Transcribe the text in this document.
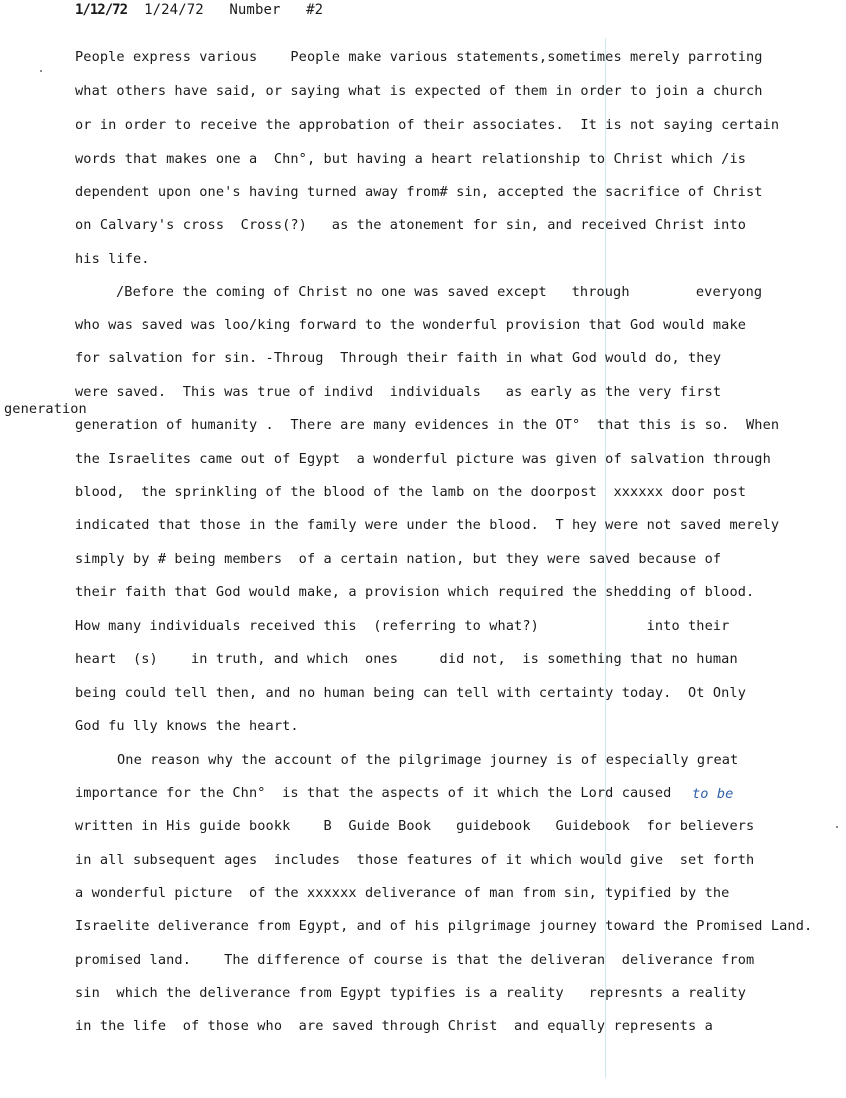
1/12/72 1/24/72 Number #2
generation
to be
People express various    People make various statements,sometimes merely parroting
what others have said, or saying what is expected of them in order to join a church
or in order to receive the approbation of their associates.  It is not saying certain
words that makes one a  Chn°, but having a heart relationship to Christ which /is
dependent upon one's having turned away from# sin, accepted the sacrifice of Christ
on Calvary's cross  Cross(?)   as the atonement for sin, and received Christ into
his life.
/Before the coming of Christ no one was saved except   through        everyong
who was saved was loo/king forward to the wonderful provision that God would make
for salvation for sin. -Throug  Through their faith in what God would do, they
were saved.  This was true of indivd  individuals   as early as the very first
generation of humanity .  There are many evidences in the OT°  that this is so.  When
the Israelites came out of Egypt  a wonderful picture was given of salvation through
blood,  the sprinkling of the blood of the lamb on the doorpost  xxxxxx door post
indicated that those in the family were under the blood.  T hey were not saved merely
simply by # being members  of a certain nation, but they were saved because of
their faith that God would make, a provision which required the shedding of blood.
How many individuals received this  (referring to what?)             into their
heart  (s)    in truth, and which  ones     did not,  is something that no human
being could tell then, and no human being can tell with certainty today.  Ot Only
God fu lly knows the heart.
One reason why the account of the pilgrimage journey is of especially great
importance for the Chn°  is that the aspects of it which the Lord caused
written in His guide bookk    B  Guide Book   guidebook   Guidebook  for believers
in all subsequent ages  includes  those features of it which would give  set forth
a wonderful picture  of the xxxxxx deliverance of man from sin, typified by the
Israelite deliverance from Egypt, and of his pilgrimage journey toward the Promised Land.
promised land.    The difference of course is that the deliveran  deliverance from
sin  which the deliverance from Egypt typifies is a reality   represnts a reality
in the life  of those who  are saved through Christ  and equally represents a
